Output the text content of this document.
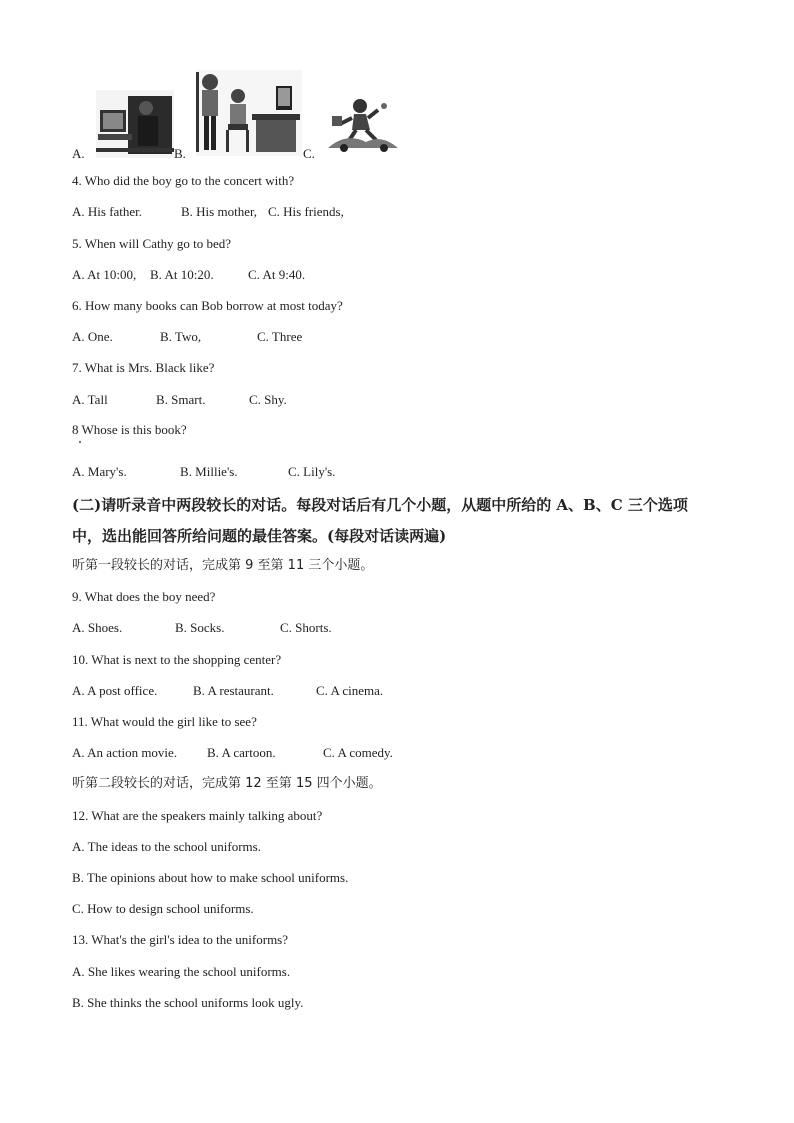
A.	B.	C.
4. Who did the boy go to the concert with?
A. His father.	B. His mother, C. His friends,
5. When will Cathy go to bed?
A. At 10:00, B. At 10:20.	C. At 9:40.
6. How many books can Bob borrow at most today?
A. One.	B. Two,	C. Three
7. What is Mrs. Black like?
A. Tall	B. Smart.	C. Shy.
8 Whose is this book?
A. Mary's.	B. Millie's.	C. Lily's.
(二)请听录音中两段较长的对话。每段对话后有几个小题，从题中所给的 A、B、C 三个选项
中，选出能回答所给问题的最佳答案。(每段对话读两遍)
听第一段较长的对话，完成第 9 至第 11 三个小题。
9. What does the boy need?
A. Shoes.	B. Socks.	C. Shorts.
10. What is next to the shopping center?
A. A post office.	B. A restaurant.	C. A cinema.
11. What would the girl like to see?
A. An action movie. B. A cartoon.	C. A comedy.
听第二段较长的对话，完成第 12 至第 15 四个小题。
12. What are the speakers mainly talking about?
A. The ideas to the school uniforms.
B. The opinions about how to make school uniforms.
C. How to design school uniforms.
13. What's the girl's idea to the uniforms?
A. She likes wearing the school uniforms.
B. She thinks the school uniforms look ugly.
